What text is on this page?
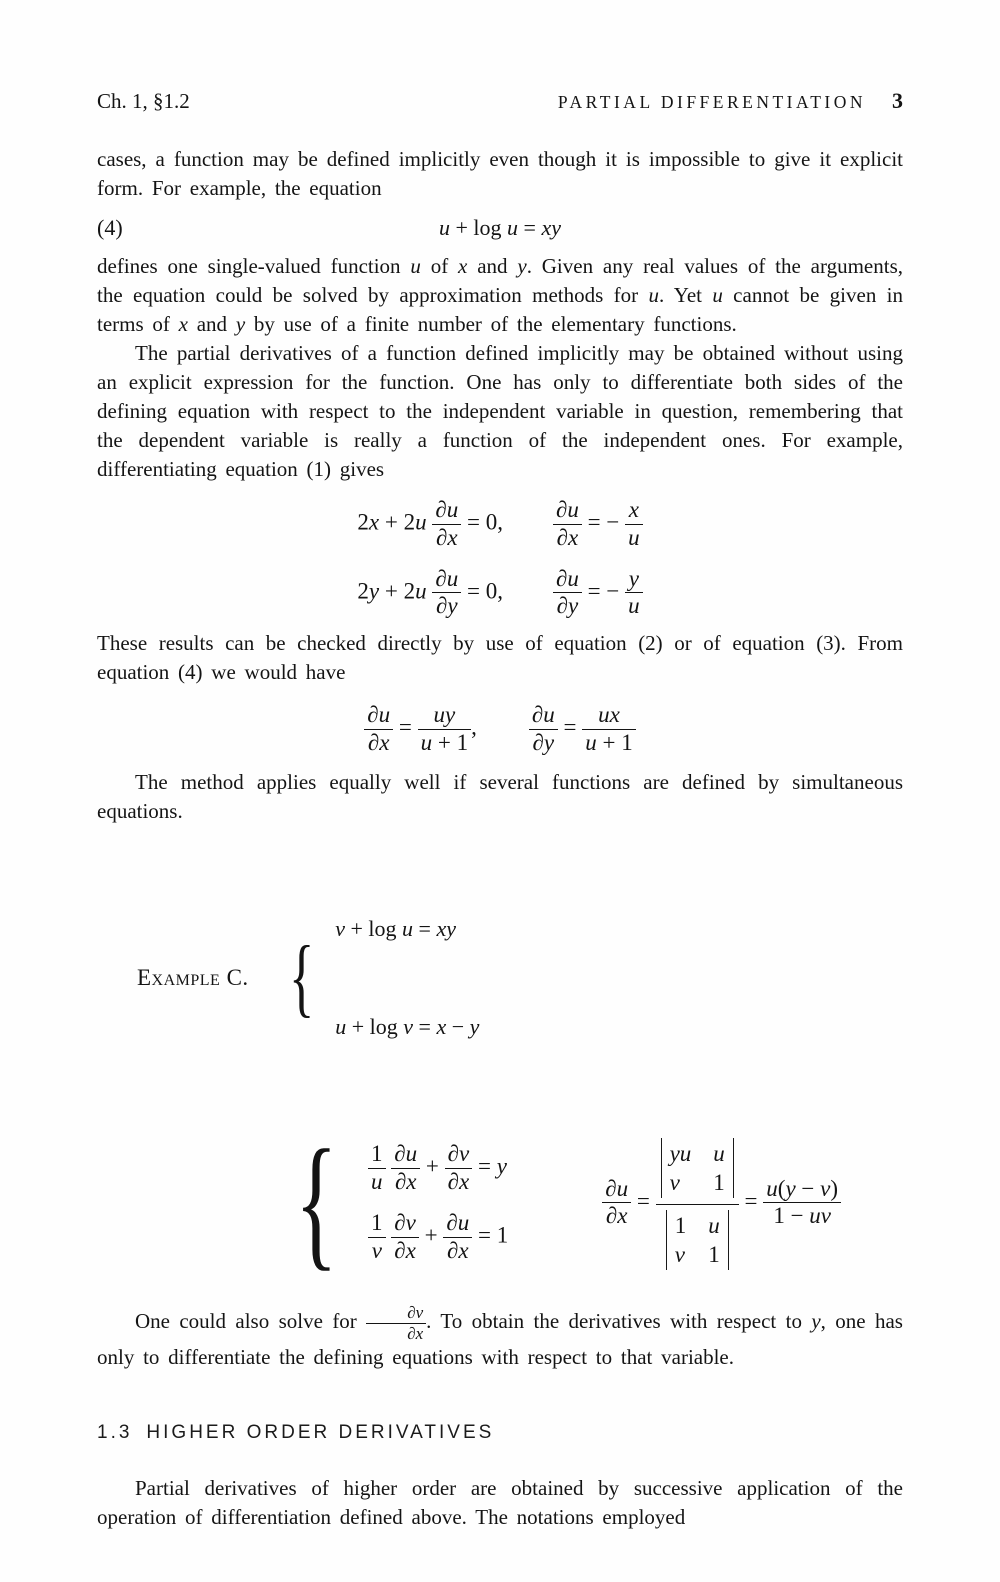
Ch. 1, §1.2	PARTIAL DIFFERENTIATION 3

cases, a function may be defined implicitly even though it is impossible to give it explicit form. For example, the equation

(4)	u + log u = xy

defines one single-valued function u of x and y. Given any real values of the arguments, the equation could be solved by approximation methods for u. Yet u cannot be given in terms of x and y by use of a finite number of the elementary functions.

The partial derivatives of a function defined implicitly may be obtained without using an explicit expression for the function. One has only to differentiate both sides of the defining equation with respect to the independent variable in question, remembering that the dependent variable is really a function of the independent ones. For example, differentiating equation (1) gives

$2x + 2u \frac{\partial u}{\partial x} = 0$, $\frac{\partial u}{\partial x}$ = − $\frac{x}{u}$
$2y + 2u \frac{\partial u}{\partial y} = 0$, $\frac{\partial u}{\partial y}$ = − $\frac{y}{u}$

These results can be checked directly by use of equation (2) or of equation (3). From equation (4) we would have

$\frac{\partial u}{\partial x} = \frac{uy}{u + 1}$ , $\frac{\partial u}{\partial y} = \frac{ux}{u + 1}$

The method applies equally well if several functions are defined by simultaneous equations.

Example C. {

v + log u = xy

u + log v = x − y

{ $\frac{1}{u}$
$\frac{\partial u}{\partial x} + \frac{\partial v}{\partial x} = y$
$\frac{1}{v}$
$\frac{\partial v}{\partial x} + \frac{\partial u}{\partial x} = 1$

$\frac{\partial u}{\partial x}$ =
yu u
v 1
1 u
v 1
= $\frac{u(y - v)}{1 - uv}$

One could also solve for $\frac{\partial v}{\partial x}$ . To obtain the derivatives with respect to y, one has only to differentiate the defining equations with respect to that variable.

1.3 HIGHER ORDER DERIVATIVES

Partial derivatives of higher order are obtained by successive application of the operation of differentiation defined above. The notations employed
